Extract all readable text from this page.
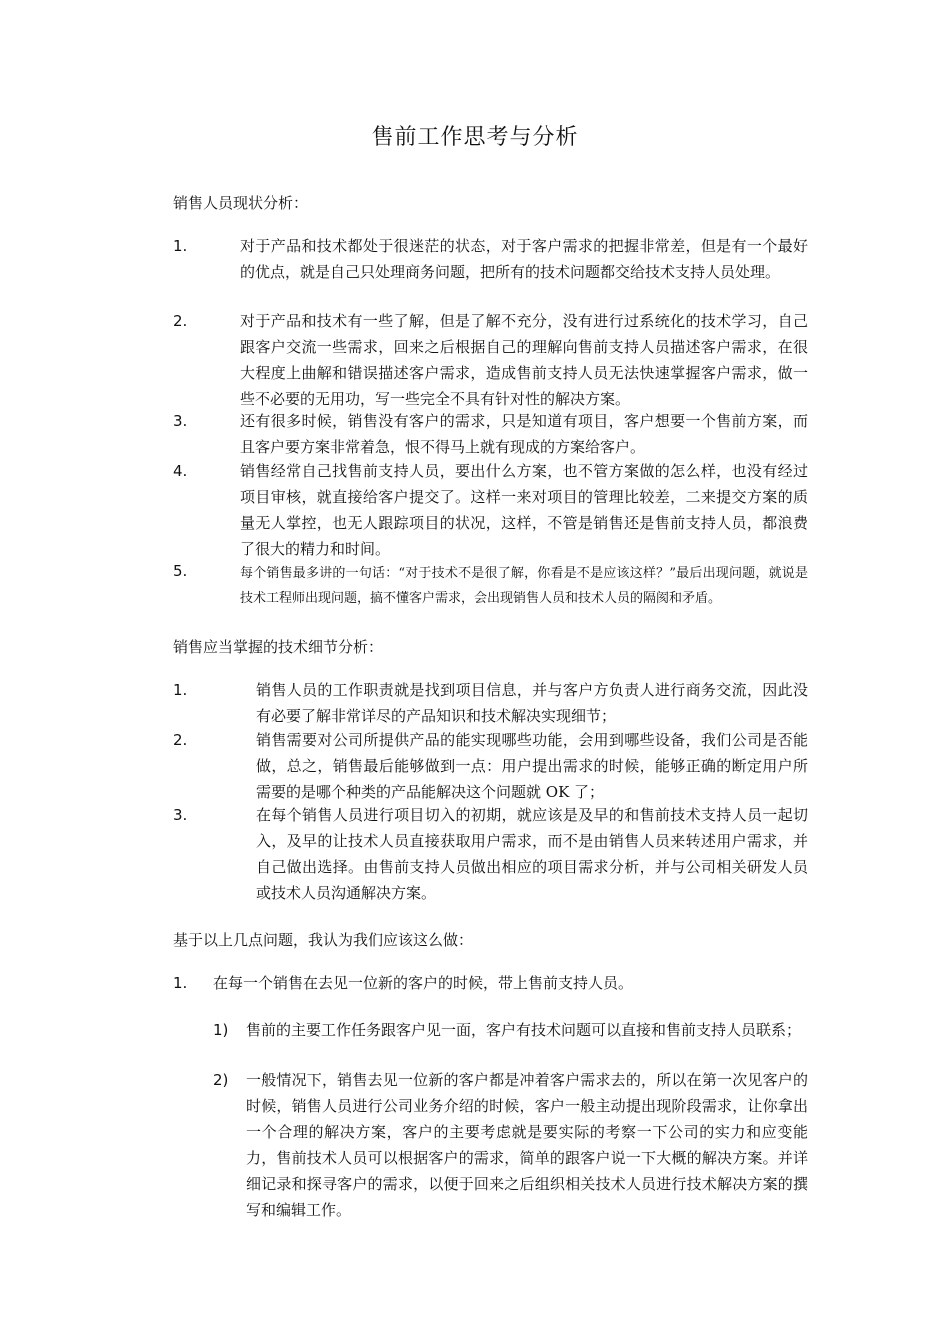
售前工作思考与分析
销售人员现状分析：
1.	对于产品和技术都处于很迷茫的状态，对于客户需求的把握非常差，但是有一个最好的优点，就是自己只处理商务问题，把所有的技术问题都交给技术支持人员处理。
2.	对于产品和技术有一些了解，但是了解不充分，没有进行过系统化的技术学习，自己跟客户交流一些需求，回来之后根据自己的理解向售前支持人员描述客户需求，在很大程度上曲解和错误描述客户需求，造成售前支持人员无法快速掌握客户需求，做一些不必要的无用功，写一些完全不具有针对性的解决方案。
3.	还有很多时候，销售没有客户的需求，只是知道有项目，客户想要一个售前方案，而且客户要方案非常着急，恨不得马上就有现成的方案给客户。
4.	销售经常自己找售前支持人员，要出什么方案，也不管方案做的怎么样，也没有经过项目审核，就直接给客户提交了。这样一来对项目的管理比较差，二来提交方案的质量无人掌控，也无人跟踪项目的状况，这样，不管是销售还是售前支持人员，都浪费了很大的精力和时间。
5.	每个销售最多讲的一句话：“对于技术不是很了解，你看是不是应该这样？”最后出现问题，就说是技术工程师出现问题，搞不懂客户需求，会出现销售人员和技术人员的隔阂和矛盾。
销售应当掌握的技术细节分析：
1.	销售人员的工作职责就是找到项目信息，并与客户方负责人进行商务交流，因此没有必要了解非常详尽的产品知识和技术解决实现细节；
2.	销售需要对公司所提供产品的能实现哪些功能，会用到哪些设备，我们公司是否能做，总之，销售最后能够做到一点：用户提出需求的时候，能够正确的断定用户所需要的是哪个种类的产品能解决这个问题就 OK 了；
3.	在每个销售人员进行项目切入的初期，就应该是及早的和售前技术支持人员一起切入，及早的让技术人员直接获取用户需求，而不是由销售人员来转述用户需求，并自己做出选择。由售前支持人员做出相应的项目需求分析，并与公司相关研发人员或技术人员沟通解决方案。
基于以上几点问题，我认为我们应该这么做：
1. 在每一个销售在去见一位新的客户的时候，带上售前支持人员。
1) 售前的主要工作任务跟客户见一面，客户有技术问题可以直接和售前支持人员联系；
2) 一般情况下，销售去见一位新的客户都是冲着客户需求去的，所以在第一次见客户的时候，销售人员进行公司业务介绍的时候，客户一般主动提出现阶段需求，让你拿出一个合理的解决方案，客户的主要考虑就是要实际的考察一下公司的实力和应变能力，售前技术人员可以根据客户的需求，简单的跟客户说一下大概的解决方案。并详细记录和探寻客户的需求，以便于回来之后组织相关技术人员进行技术解决方案的撰写和编辑工作。
